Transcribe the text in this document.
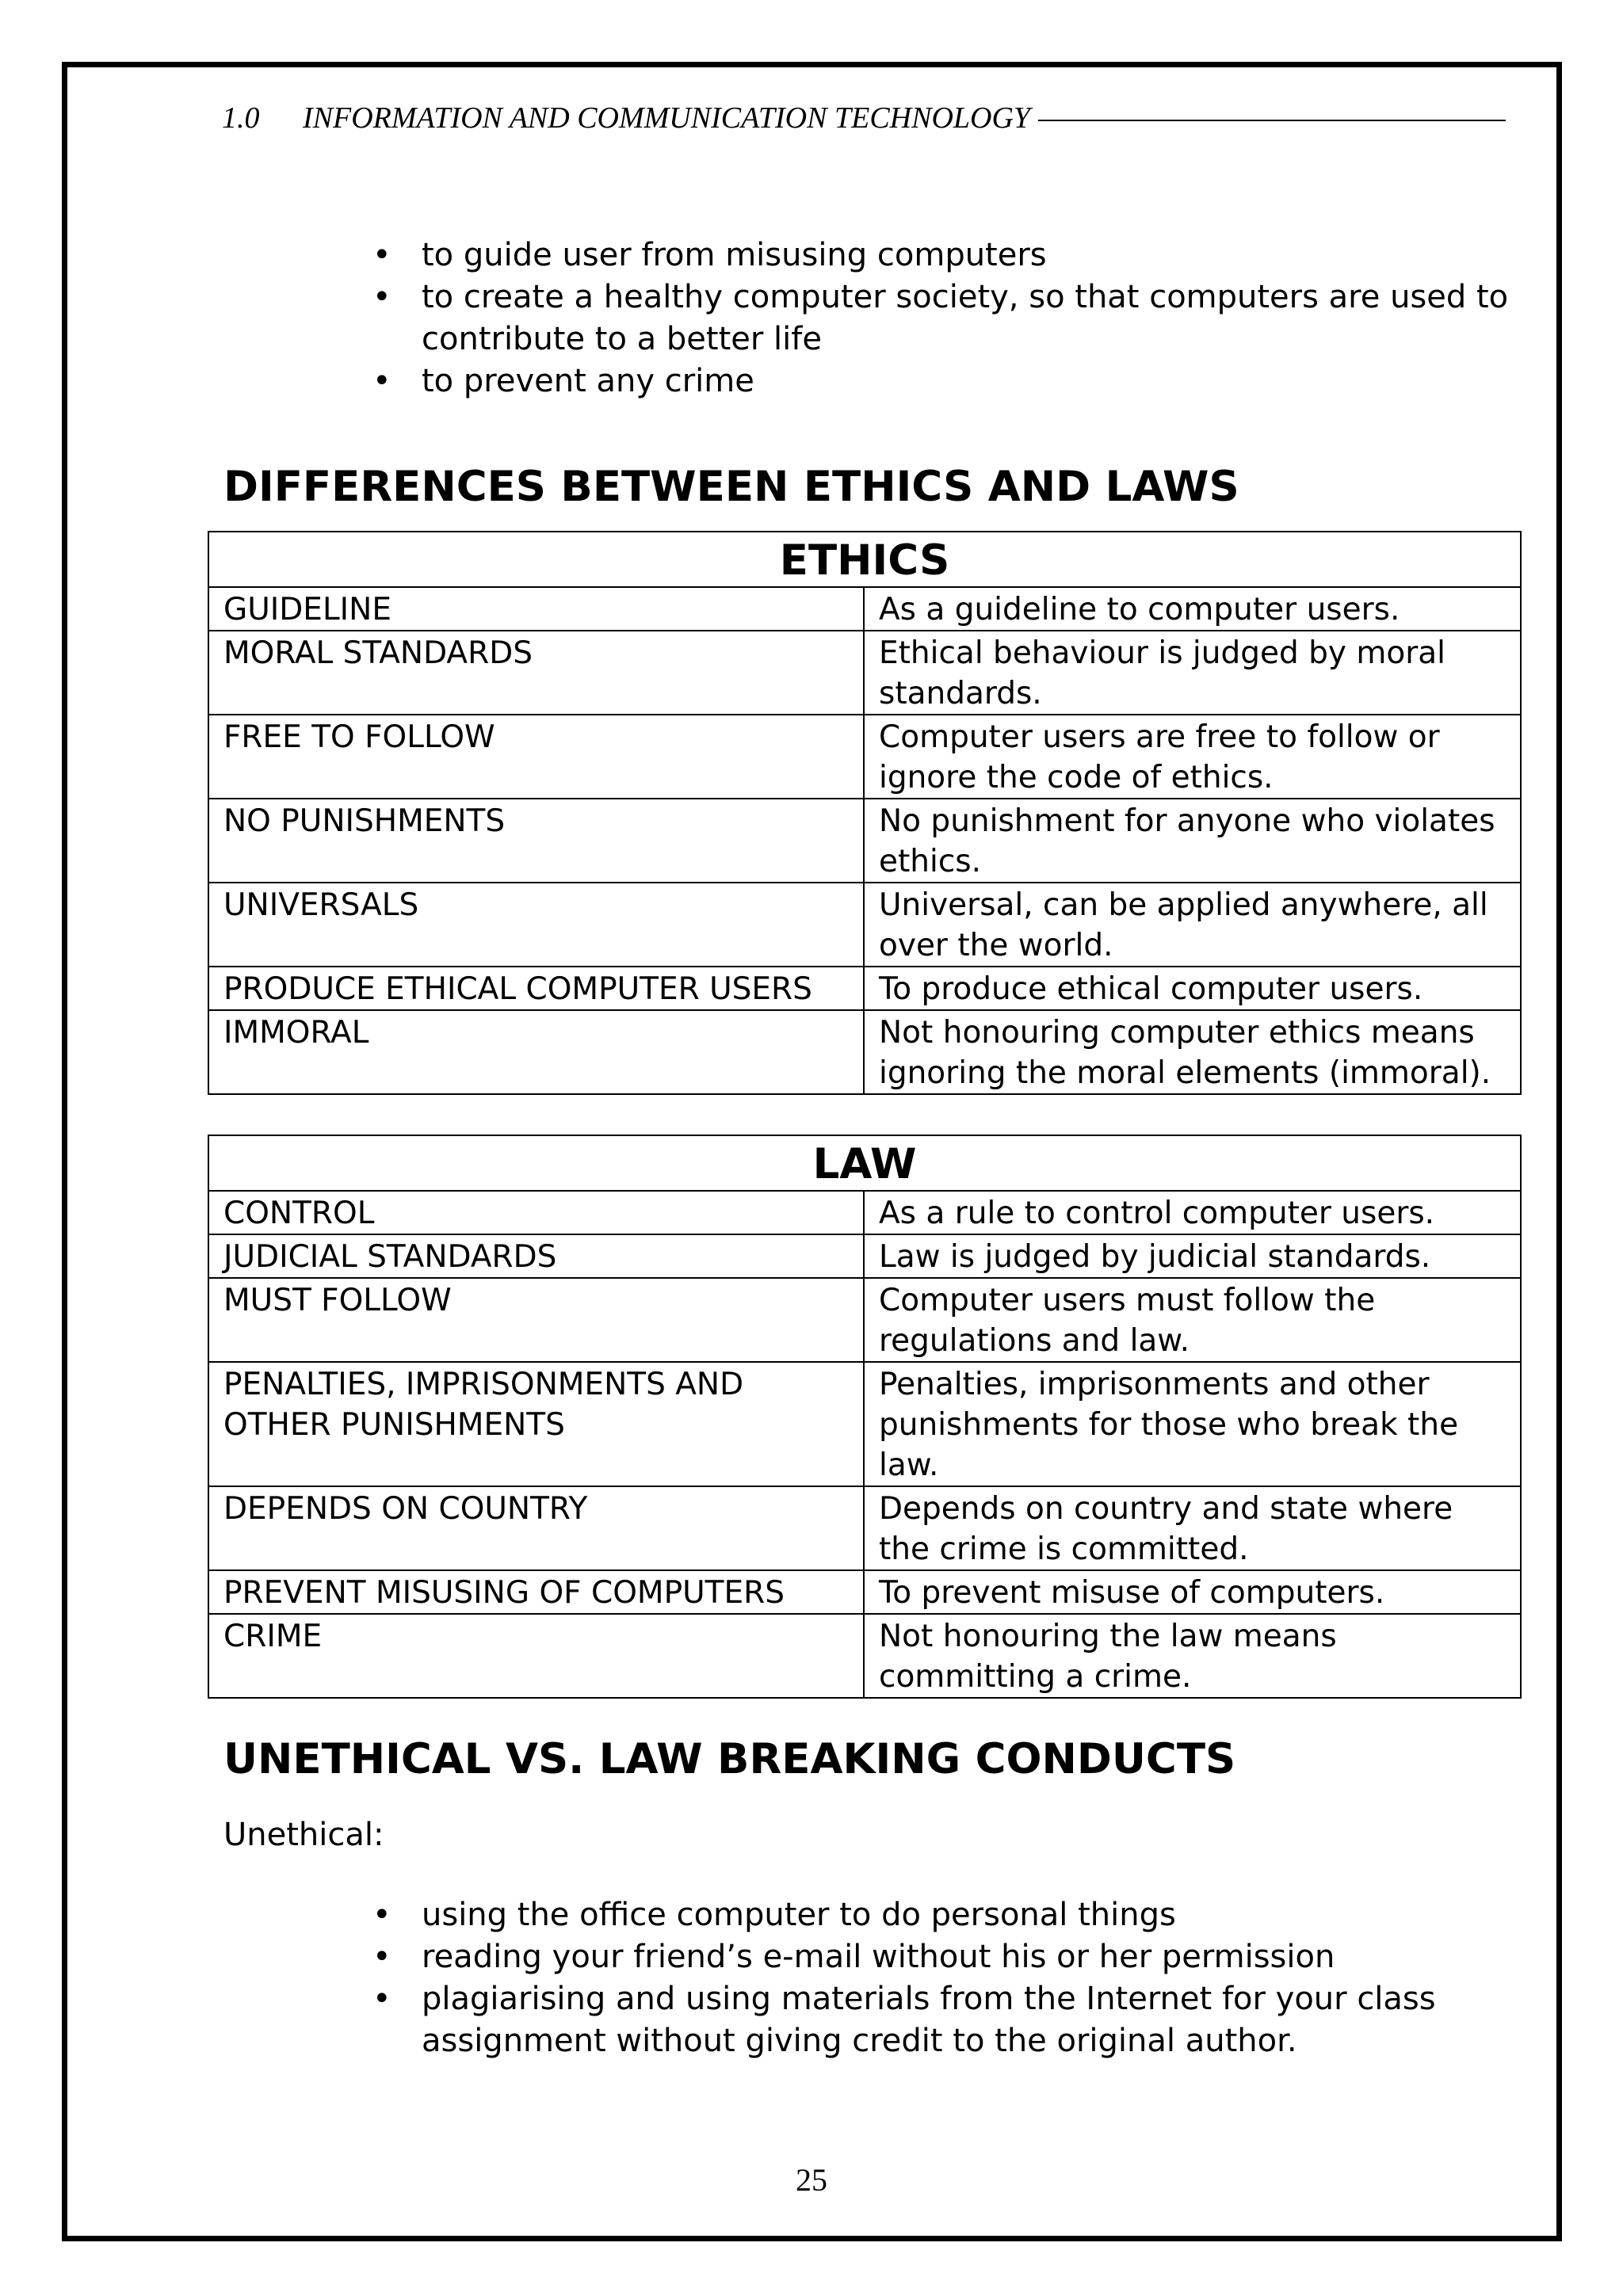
1.0	INFORMATION AND COMMUNICATION TECHNOLOGY
• to guide user from misusing computers
• to create a healthy computer society, so that computers are used to contribute to a better life
• to prevent any crime
DIFFERENCES BETWEEN ETHICS AND LAWS
ETHICS	
GUIDELINE	As a guideline to computer users.
MORAL STANDARDS	Ethical behaviour is judged by moral standards.
FREE TO FOLLOW	Computer users are free to follow or ignore the code of ethics.
NO PUNISHMENTS	No punishment for anyone who violates ethics.
UNIVERSALS	Universal, can be applied anywhere, all over the world.
PRODUCE ETHICAL COMPUTER USERS	To produce ethical computer users.
IMMORAL	Not honouring computer ethics means ignoring the moral elements (immoral).
LAW	
CONTROL	As a rule to control computer users.
JUDICIAL STANDARDS	Law is judged by judicial standards.
MUST FOLLOW	Computer users must follow the regulations and law.
PENALTIES, IMPRISONMENTS AND OTHER PUNISHMENTS	Penalties, imprisonments and other punishments for those who break the law.
DEPENDS ON COUNTRY	Depends on country and state where the crime is committed.
PREVENT MISUSING OF COMPUTERS	To prevent misuse of computers.
CRIME	Not honouring the law means committing a crime.
UNETHICAL VS. LAW BREAKING CONDUCTS

Unethical:

• using the office computer to do personal things
• reading your friend’s e-mail without his or her permission
• plagiarising and using materials from the Internet for your class assignment without giving credit to the original author.
25
